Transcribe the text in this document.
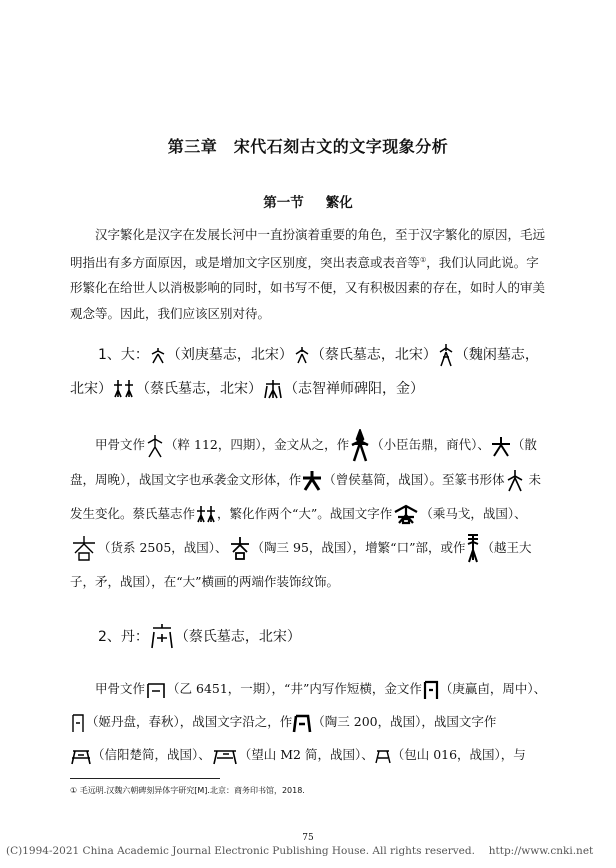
第三章　宋代石刻古文的文字现象分析
第一节 繁化

汉字繁化是汉字在发展长河中一直扮演着重要的角色，至于汉字繁化的原因，毛远明指出有多方面原因，或是增加文字区别度，突出表意或表音等①，我们认同此说。字形繁化在给世人以消极影响的同时，如书写不便，又有积极因素的存在，如时人的审美观念等。因此，我们应该区别对待。

1、大： （刘庚墓志，北宋） （蔡氏墓志，北宋） （魏闲墓志，
北宋） （蔡氏墓志，北宋） （志智禅师碑阳，金）

甲骨文作 （粹 112，四期），金文从之，作 （小臣缶鼎，商代）、 （散盘，周晚），战国文字也承袭金文形体，作 （曾侯墓简，战国）。至篆书形体 未发生变化。蔡氏墓志作 ，繁化作两个“大”。战国文字作 （乘马戈，战国）、

（货系 2505，战国）、 （陶三 95，战国），增繁“口”部，或作 （越王大子，矛，战国），在“大”横画的两端作装饰纹饰。

2、丹： （蔡氏墓志，北宋）

甲骨文作 （乙 6451，一期），“井”内写作短横，金文作 （庚赢卣，周中）、
（姬丹盘，春秋），战国文字沿之，作 （陶三 200，战国），战国文字作

（信阳楚简，战国）、 （望山 M2 简，战国）、 （包山 016，战国），与

① 毛远明.汉魏六朝碑刻异体字研究[M].北京：商务印书馆，2018.
75
(C)1994-2021 China Academic Journal Electronic Publishing House. All rights reserved.　 http://www.cnki.net
